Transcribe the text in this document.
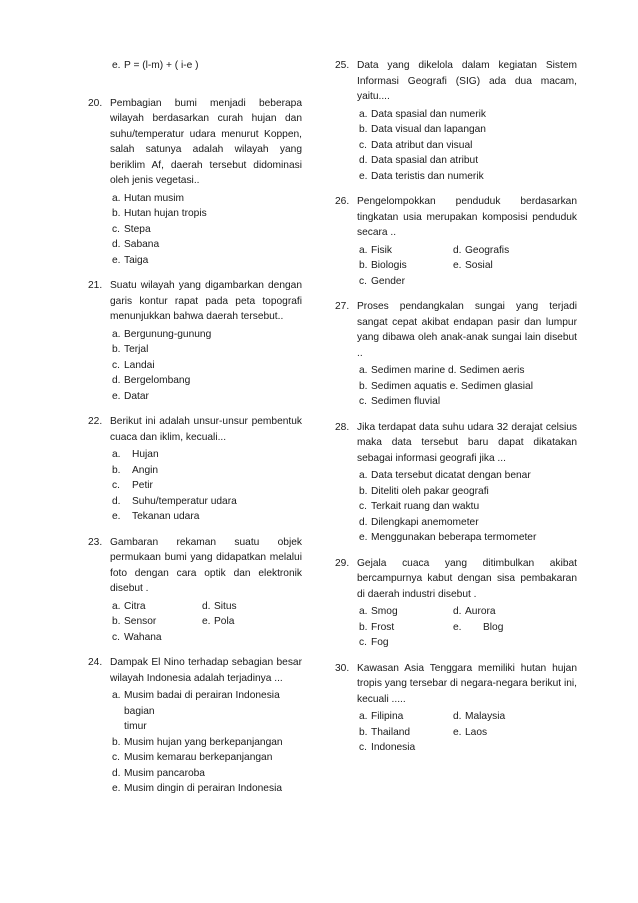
e. P = (l-m) + ( i-e )
20. Pembagian bumi menjadi beberapa wilayah berdasarkan curah hujan dan suhu/temperatur udara menurut Koppen, salah satunya adalah wilayah yang beriklim Af, daerah tersebut didominasi oleh jenis vegetasi..
a. Hutan musim
b. Hutan hujan tropis
c. Stepa
d. Sabana
e. Taiga
21. Suatu wilayah yang digambarkan dengan garis kontur rapat pada peta topografi menunjukkan bahwa daerah tersebut..
a. Bergunung-gunung
b. Terjal
c. Landai
d. Bergelombang
e. Datar
22. Berikut ini adalah unsur-unsur pembentuk cuaca dan iklim, kecuali...
a. Hujan
b. Angin
c. Petir
d. Suhu/temperatur udara
e. Tekanan udara
23. Gambaran rekaman suatu objek permukaan bumi yang didapatkan melalui foto dengan cara optik dan elektronik disebut .
a. Citra	d. Situs
b. Sensor	e. Pola
c. Wahana
24. Dampak El Nino terhadap sebagian besar wilayah Indonesia adalah terjadinya ...
a. Musim badai di perairan Indonesia
bagian
timur
b. Musim hujan yang berkepanjangan
c. Musim kemarau berkepanjangan
d. Musim pancaroba
e. Musim dingin di perairan Indonesia
25. Data yang dikelola dalam kegiatan Sistem Informasi Geografi (SIG) ada dua macam, yaitu....
a. Data spasial dan numerik
b. Data visual dan lapangan
c. Data atribut dan visual
d. Data spasial dan atribut
e. Data teristis dan numerik
26. Pengelompokkan penduduk berdasarkan tingkatan usia merupakan komposisi penduduk secara ..
a. Fisik	d. Geografis
b. Biologis	e. Sosial
c. Gender
27. Proses pendangkalan sungai yang terjadi sangat cepat akibat endapan pasir dan lumpur yang dibawa oleh anak-anak sungai lain disebut ..
a. Sedimen marine d. Sedimen aeris
b. Sedimen aquatis e. Sedimen glasial
c. Sedimen fluvial
28. Jika terdapat data suhu udara 32 derajat celsius maka data tersebut baru dapat dikatakan sebagai informasi geografi jika ...
a. Data tersebut dicatat dengan benar
b. Diteliti oleh pakar geografi
c. Terkait ruang dan waktu
d. Dilengkapi anemometer
e. Menggunakan beberapa termometer
29. Gejala cuaca yang ditimbulkan akibat bercampurnya kabut dengan sisa pembakaran di daerah industri disebut .
a. Smog	d. Aurora
b. Frost	e. Blog
c. Fog
30. Kawasan Asia Tenggara memiliki hutan hujan tropis yang tersebar di negara-negara berikut ini, kecuali .....
a. Filipina	d. Malaysia
b. Thailand	e. Laos
c. Indonesia
